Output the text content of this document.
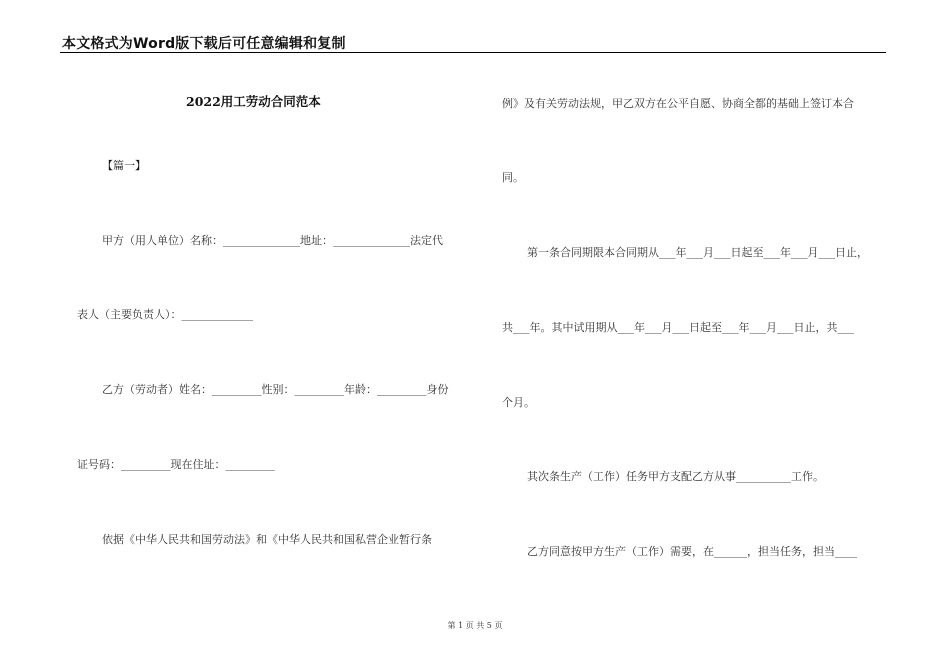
本文格式为Word版下载后可任意编辑和复制
2022用工劳动合同范本
【篇一】
甲方（用人单位）名称：______________地址：______________法定代
表人（主要负责人）：_____________
乙方（劳动者）姓名：_________性别：_________年龄：_________身份
证号码：_________现在住址：_________
依据《中华人民共和国劳动法》和《中华人民共和国私营企业暂行条
例》及有关劳动法规，甲乙双方在公平自愿、协商全都的基础上签订本合
同。
第一条合同期限本合同期从___年___月___日起至___年___月___日止，
共___年。其中试用期从___年___月___日起至___年___月___日止，共___
个月。
其次条生产（工作）任务甲方支配乙方从事__________工作。
乙方同意按甲方生产（工作）需要，在______，担当任务，担当____
第 1 页 共 5 页
